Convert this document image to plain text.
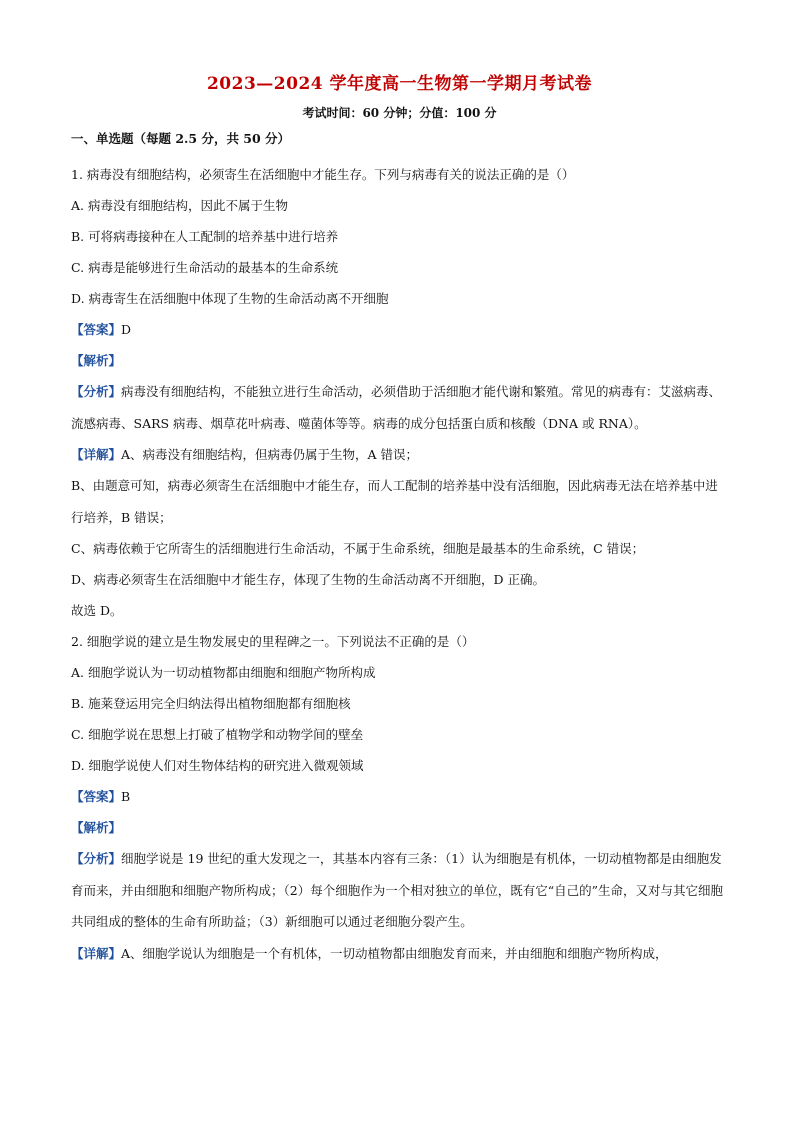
2023—2024 学年度高一生物第一学期月考试卷
考试时间：60 分钟；分值：100 分
一、单选题（每题 2.5 分，共 50 分）
1. 病毒没有细胞结构，必须寄生在活细胞中才能生存。下列与病毒有关的说法正确的是（）
A. 病毒没有细胞结构，因此不属于生物
B. 可将病毒接种在人工配制的培养基中进行培养
C. 病毒是能够进行生命活动的最基本的生命系统
D. 病毒寄生在活细胞中体现了生物的生命活动离不开细胞
【答案】D
【解析】
【分析】病毒没有细胞结构，不能独立进行生命活动，必须借助于活细胞才能代谢和繁殖。常见的病毒有：艾滋病毒、流感病毒、SARS 病毒、烟草花叶病毒、噬菌体等等。病毒的成分包括蛋白质和核酸（DNA 或 RNA）。
【详解】A、病毒没有细胞结构，但病毒仍属于生物，A 错误；
B、由题意可知，病毒必须寄生在活细胞中才能生存，而人工配制的培养基中没有活细胞，因此病毒无法在培养基中进行培养，B 错误；
C、病毒依赖于它所寄生的活细胞进行生命活动，不属于生命系统，细胞是最基本的生命系统，C 错误；
D、病毒必须寄生在活细胞中才能生存，体现了生物的生命活动离不开细胞，D 正确。
故选 D。
2. 细胞学说的建立是生物发展史的里程碑之一。下列说法不正确的是（）
A. 细胞学说认为一切动植物都由细胞和细胞产物所构成
B. 施莱登运用完全归纳法得出植物细胞都有细胞核
C. 细胞学说在思想上打破了植物学和动物学间的壁垒
D. 细胞学说使人们对生物体结构的研究进入微观领域
【答案】B
【解析】
【分析】细胞学说是 19 世纪的重大发现之一，其基本内容有三条：（1）认为细胞是有机体，一切动植物都是由细胞发育而来，并由细胞和细胞产物所构成；（2）每个细胞作为一个相对独立的单位，既有它“自己的”生命，又对与其它细胞共同组成的整体的生命有所助益；（3）新细胞可以通过老细胞分裂产生。
【详解】A、细胞学说认为细胞是一个有机体，一切动植物都由细胞发育而来，并由细胞和细胞产物所构成，
